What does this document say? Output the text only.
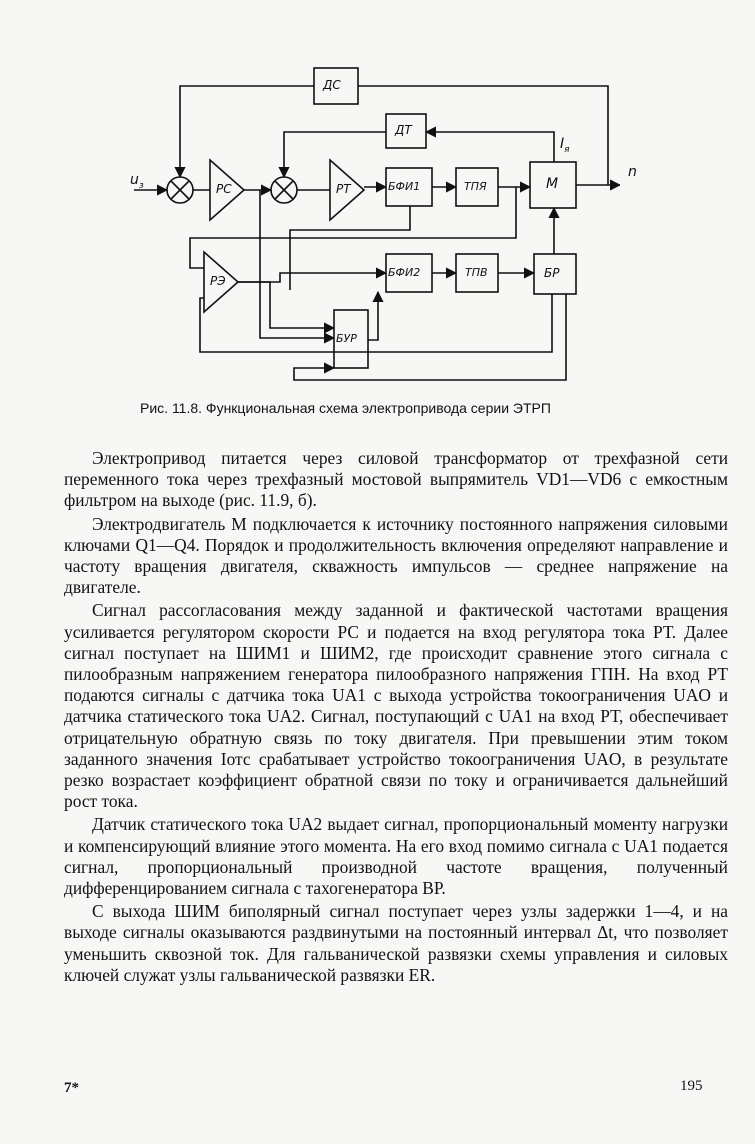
ДС
ДТ
РС	РТ	БФИ1	ТПЯ	М
РЭ
БФИ2	ТПВ	БР
БУР
$u_з$
$I_я$
n
Рис. 11.8. Функциональная схема электропривода серии ЭТРП

Электропривод питается через силовой трансформатор от трехфазной сети переменного тока через трехфазный мостовой выпрямитель VD1—VD6 с емкостным фильтром на выходе (рис. 11.9, б).

Электродвигатель М подключается к источнику постоянного напряжения силовыми ключами Q1—Q4. Порядок и продолжительность включения определяют направление и частоту вращения двигателя, скважность импульсов — среднее напряжение на двигателе.

Сигнал рассогласования между заданной и фактической частотами вращения усиливается регулятором скорости РС и подается на вход регулятора тока РТ. Далее сигнал поступает на ШИМ1 и ШИМ2, где происходит сравнение этого сигнала с пилообразным напряжением генератора пилообразного напряжения ГПН. На вход РТ подаются сигналы с датчика тока UA1 с выхода устройства токоограничения UAO и датчика статического тока UA2. Сигнал, поступающий с UA1 на вход РТ, обеспечивает отрицательную обратную связь по току двигателя. При превышении этим током заданного значения Iотс срабатывает устройство токоограничения UAO, в результате резко возрастает коэффициент обратной связи по току и ограничивается дальнейший рост тока.

Датчик статического тока UA2 выдает сигнал, пропорциональный моменту нагрузки и компенсирующий влияние этого момента. На его вход помимо сигнала с UA1 подается сигнал, пропорциональный производной частоте вращения, полученный дифференцированием сигнала с тахогенератора ВР.

С выхода ШИМ биполярный сигнал поступает через узлы задержки 1—4, и на выходе сигналы оказываются раздвинутыми на постоянный интервал Δt, что позволяет уменьшить сквозной ток. Для гальванической развязки схемы управления и силовых ключей служат узлы гальванической развязки ER.

7*	195
